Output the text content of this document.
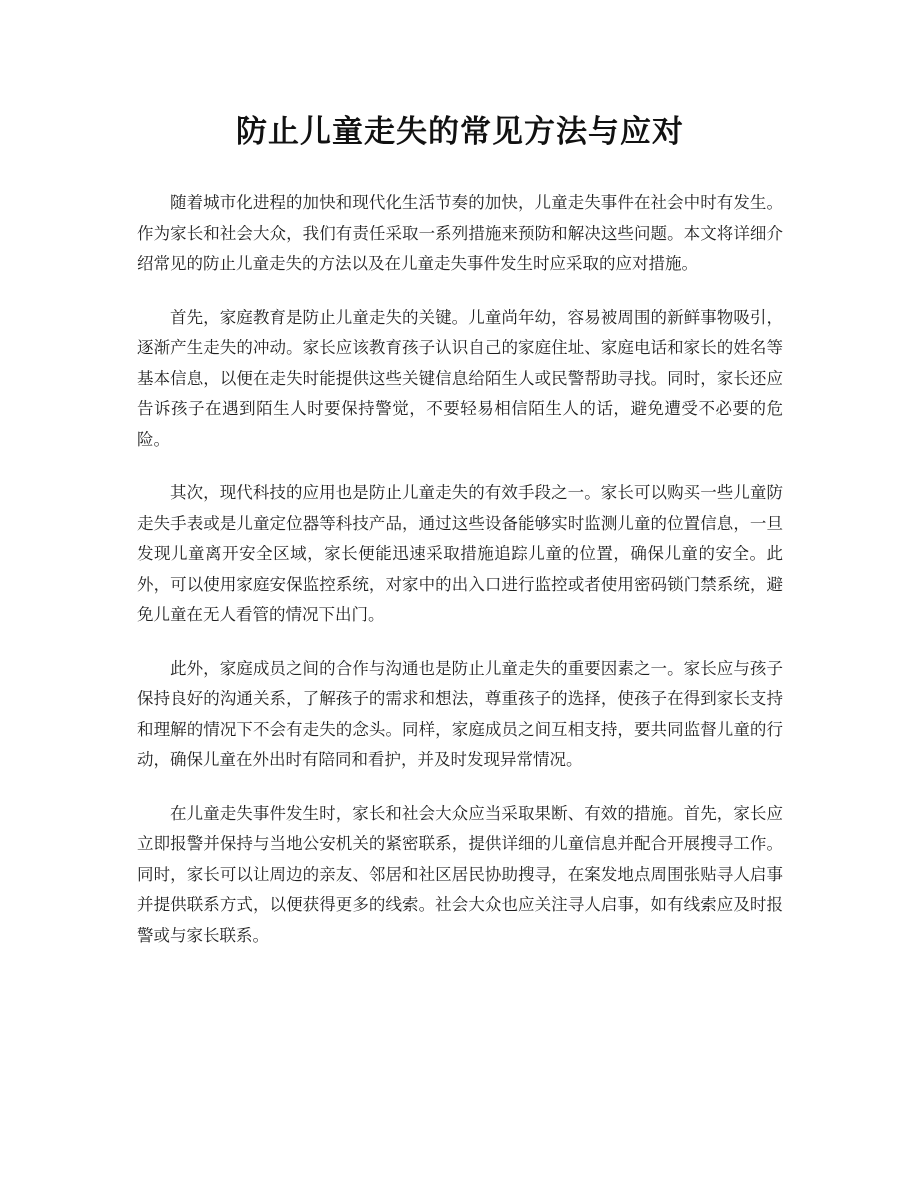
防止儿童走失的常见方法与应对

随着城市化进程的加快和现代化生活节奏的加快，儿童走失事件在社会中时有发生。作为家长和社会大众，我们有责任采取一系列措施来预防和解决这些问题。本文将详细介绍常见的防止儿童走失的方法以及在儿童走失事件发生时应采取的应对措施。

首先，家庭教育是防止儿童走失的关键。儿童尚年幼，容易被周围的新鲜事物吸引，逐渐产生走失的冲动。家长应该教育孩子认识自己的家庭住址、家庭电话和家长的姓名等基本信息，以便在走失时能提供这些关键信息给陌生人或民警帮助寻找。同时，家长还应告诉孩子在遇到陌生人时要保持警觉，不要轻易相信陌生人的话，避免遭受不必要的危险。

其次，现代科技的应用也是防止儿童走失的有效手段之一。家长可以购买一些儿童防走失手表或是儿童定位器等科技产品，通过这些设备能够实时监测儿童的位置信息，一旦发现儿童离开安全区域，家长便能迅速采取措施追踪儿童的位置，确保儿童的安全。此外，可以使用家庭安保监控系统，对家中的出入口进行监控或者使用密码锁门禁系统，避免儿童在无人看管的情况下出门。

此外，家庭成员之间的合作与沟通也是防止儿童走失的重要因素之一。家长应与孩子保持良好的沟通关系，了解孩子的需求和想法，尊重孩子的选择，使孩子在得到家长支持和理解的情况下不会有走失的念头。同样，家庭成员之间互相支持，要共同监督儿童的行动，确保儿童在外出时有陪同和看护，并及时发现异常情况。

在儿童走失事件发生时，家长和社会大众应当采取果断、有效的措施。首先，家长应立即报警并保持与当地公安机关的紧密联系，提供详细的儿童信息并配合开展搜寻工作。同时，家长可以让周边的亲友、邻居和社区居民协助搜寻，在案发地点周围张贴寻人启事并提供联系方式，以便获得更多的线索。社会大众也应关注寻人启事，如有线索应及时报警或与家长联系。
